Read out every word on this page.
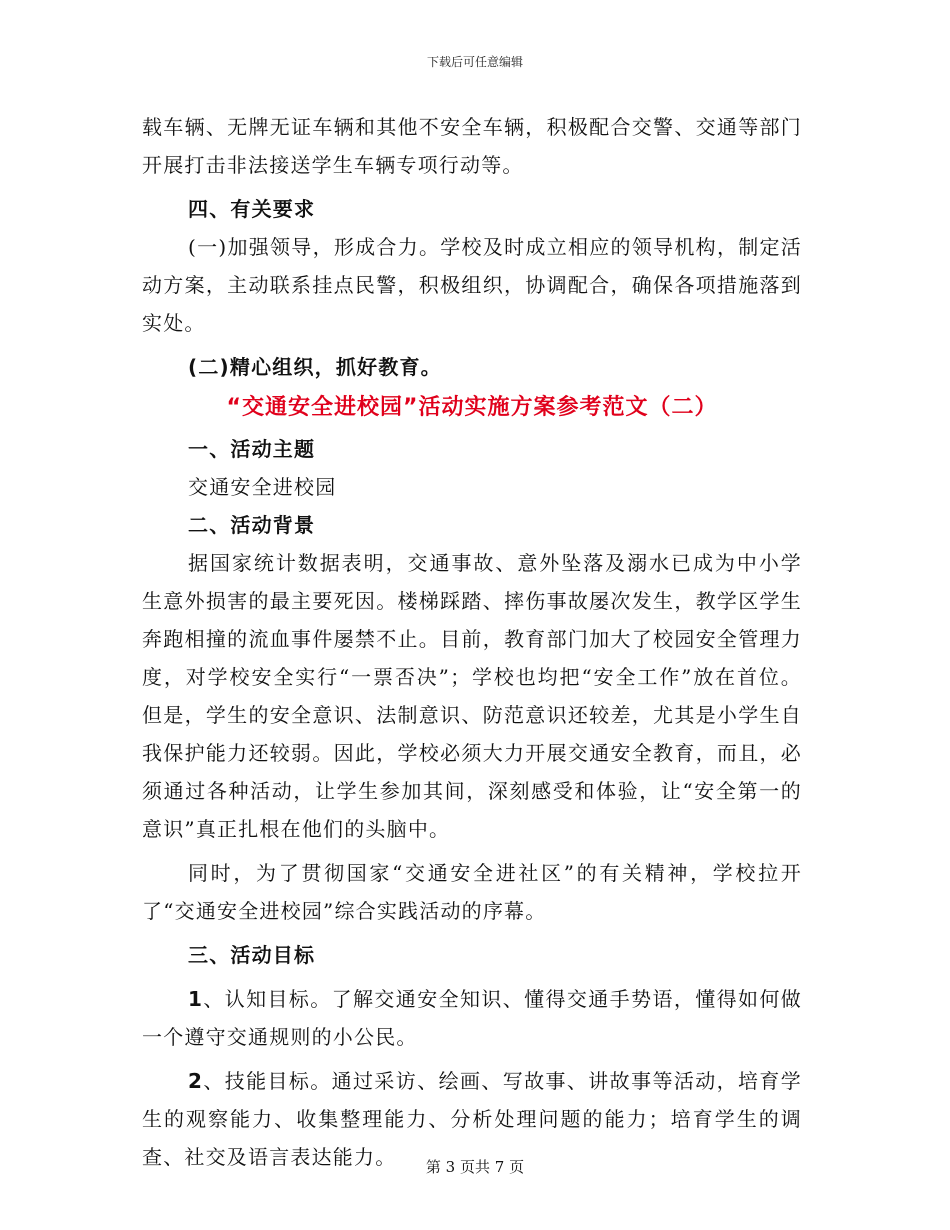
下载后可任意编辑

载车辆、无牌无证车辆和其他不安全车辆，积极配合交警、交通等部门开展打击非法接送学生车辆专项行动等。

四、有关要求

(一)加强领导，形成合力。学校及时成立相应的领导机构，制定活动方案，主动联系挂点民警，积极组织，协调配合，确保各项措施落到实处。

(二)精心组织，抓好教育。

“交通安全进校园”活动实施方案参考范文（二）

一、活动主题

交通安全进校园

二、活动背景

据国家统计数据表明，交通事故、意外坠落及溺水已成为中小学生意外损害的最主要死因。楼梯踩踏、摔伤事故屡次发生，教学区学生奔跑相撞的流血事件屡禁不止。目前，教育部门加大了校园安全管理力度，对学校安全实行“一票否决”；学校也均把“安全工作”放在首位。但是，学生的安全意识、法制意识、防范意识还较差，尤其是小学生自我保护能力还较弱。因此，学校必须大力开展交通安全教育，而且，必须通过各种活动，让学生参加其间，深刻感受和体验，让“安全第一的意识”真正扎根在他们的头脑中。

同时，为了贯彻国家“交通安全进社区”的有关精神，学校拉开了“交通安全进校园”综合实践活动的序幕。

三、活动目标

1、认知目标。了解交通安全知识、懂得交通手势语，懂得如何做一个遵守交通规则的小公民。

2、技能目标。通过采访、绘画、写故事、讲故事等活动，培育学生的观察能力、收集整理能力、分析处理问题的能力；培育学生的调查、社交及语言表达能力。	第 3 页共 7 页
